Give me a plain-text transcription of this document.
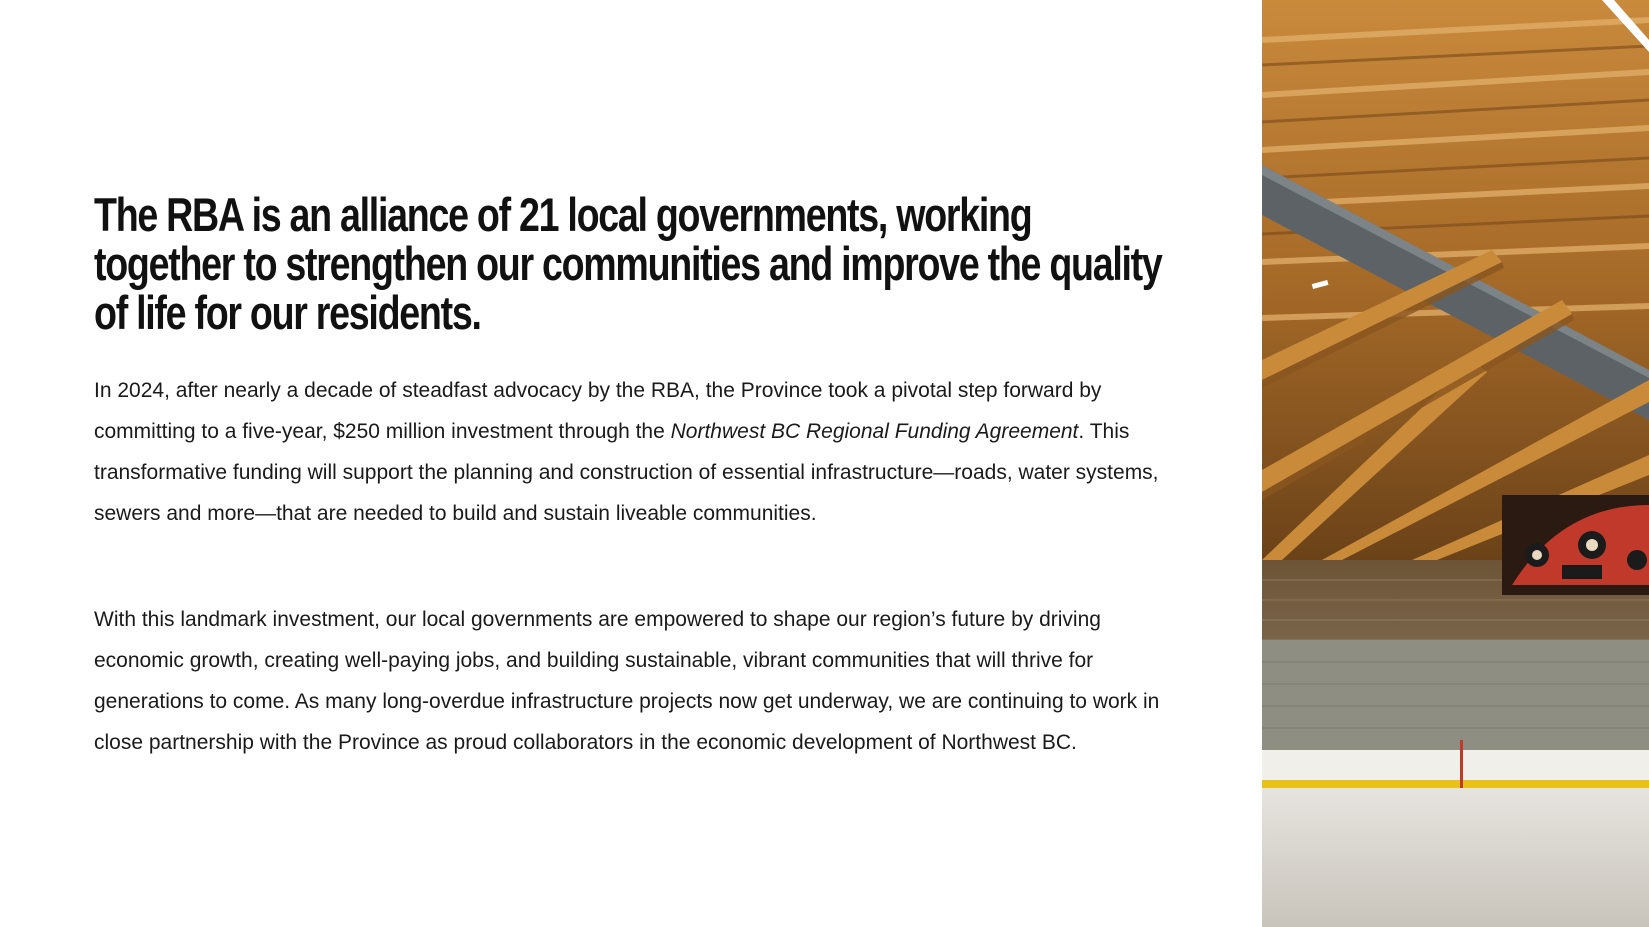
The RBA is an alliance of 21 local governments, working together to strengthen our communities and improve the quality of life for our residents.

In 2024, after nearly a decade of steadfast advocacy by the RBA, the Province took a pivotal step forward by committing to a five-year, $250 million investment through the Northwest BC Regional Funding Agreement. This transformative funding will support the planning and construction of essential infrastructure—roads, water systems, sewers and more—that are needed to build and sustain liveable communities.

With this landmark investment, our local governments are empowered to shape our region’s future by driving economic growth, creating well-paying jobs, and building sustainable, vibrant communities that will thrive for generations to come. As many long-overdue infrastructure projects now get underway, we are continuing to work in close partnership with the Province as proud collaborators in the economic development of Northwest BC.
